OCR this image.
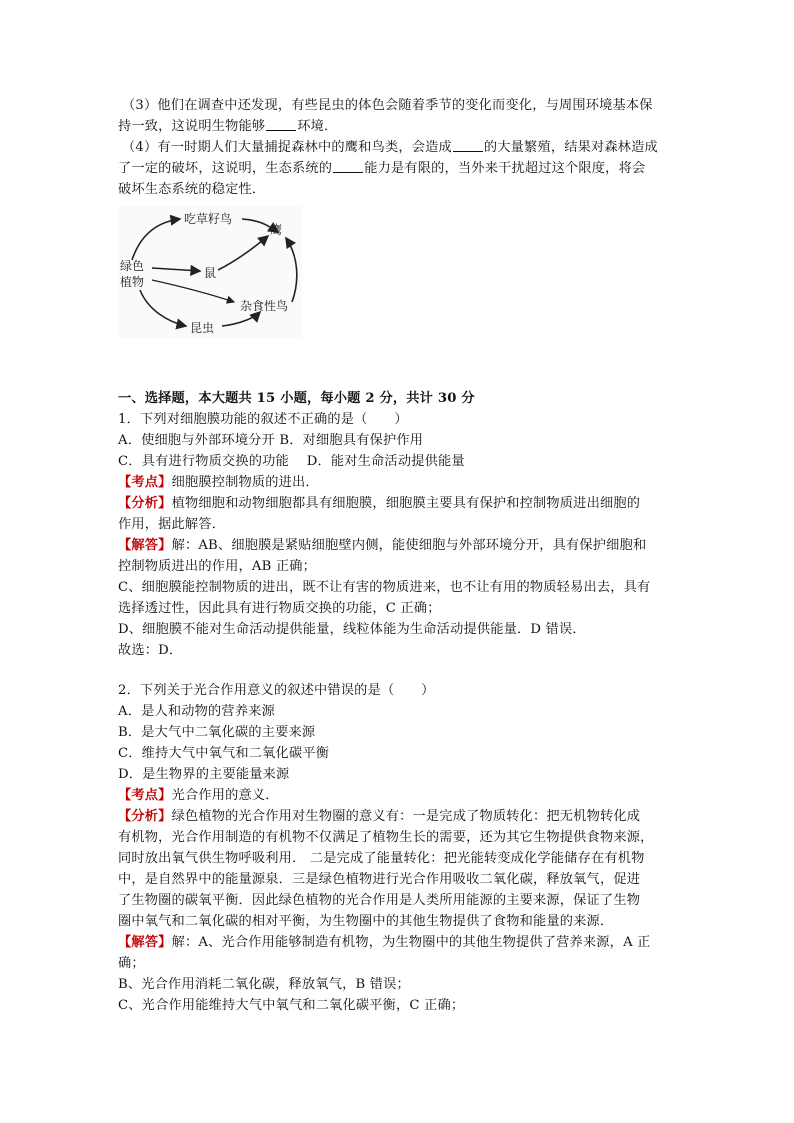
（3）他们在调查中还发现，有些昆虫的体色会随着季节的变化而变化，与周围环境基本保
持一致，这说明生物能够 环境．
（4）有一时期人们大量捕捉森林中的鹰和鸟类，会造成 的大量繁殖，结果对森林造成
了一定的破坏，这说明，生态系统的 能力是有限的，当外来干扰超过这个限度，将会
破坏生态系统的稳定性．
绿色
植物
吃草籽鸟
鹰
鼠
杂食性鸟
昆虫
一、选择题，本大题共 15 小题，每小题 2 分，共计 30 分
1．下列对细胞膜功能的叙述不正确的是（　　）
A．使细胞与外部环境分开 B．对细胞具有保护作用
C．具有进行物质交换的功能　 D．能对生命活动提供能量
【考点】细胞膜控制物质的进出．
【分析】植物细胞和动物细胞都具有细胞膜，细胞膜主要具有保护和控制物质进出细胞的
作用，据此解答．
【解答】解：AB、细胞膜是紧贴细胞壁内侧，能使细胞与外部环境分开，具有保护细胞和
控制物质进出的作用，AB 正确；
C、细胞膜能控制物质的进出，既不让有害的物质进来，也不让有用的物质轻易出去，具有
选择透过性，因此具有进行物质交换的功能，C 正确；
D、细胞膜不能对生命活动提供能量，线粒体能为生命活动提供能量．D 错误．
故选：D．
2．下列关于光合作用意义的叙述中错误的是（　　）
A．是人和动物的营养来源
B．是大气中二氧化碳的主要来源
C．维持大气中氧气和二氧化碳平衡
D．是生物界的主要能量来源
【考点】光合作用的意义．
【分析】绿色植物的光合作用对生物圈的意义有：一是完成了物质转化：把无机物转化成
有机物，光合作用制造的有机物不仅满足了植物生长的需要，还为其它生物提供食物来源，
同时放出氧气供生物呼吸利用． 二是完成了能量转化：把光能转变成化学能储存在有机物
中，是自然界中的能量源泉．三是绿色植物进行光合作用吸收二氧化碳，释放氧气，促进
了生物圈的碳氧平衡．因此绿色植物的光合作用是人类所用能源的主要来源，保证了生物
圈中氧气和二氧化碳的相对平衡，为生物圈中的其他生物提供了食物和能量的来源．
【解答】解：A、光合作用能够制造有机物，为生物圈中的其他生物提供了营养来源，A 正
确；
B、光合作用消耗二氧化碳，释放氧气，B 错误；
C、光合作用能维持大气中氧气和二氧化碳平衡，C 正确；
